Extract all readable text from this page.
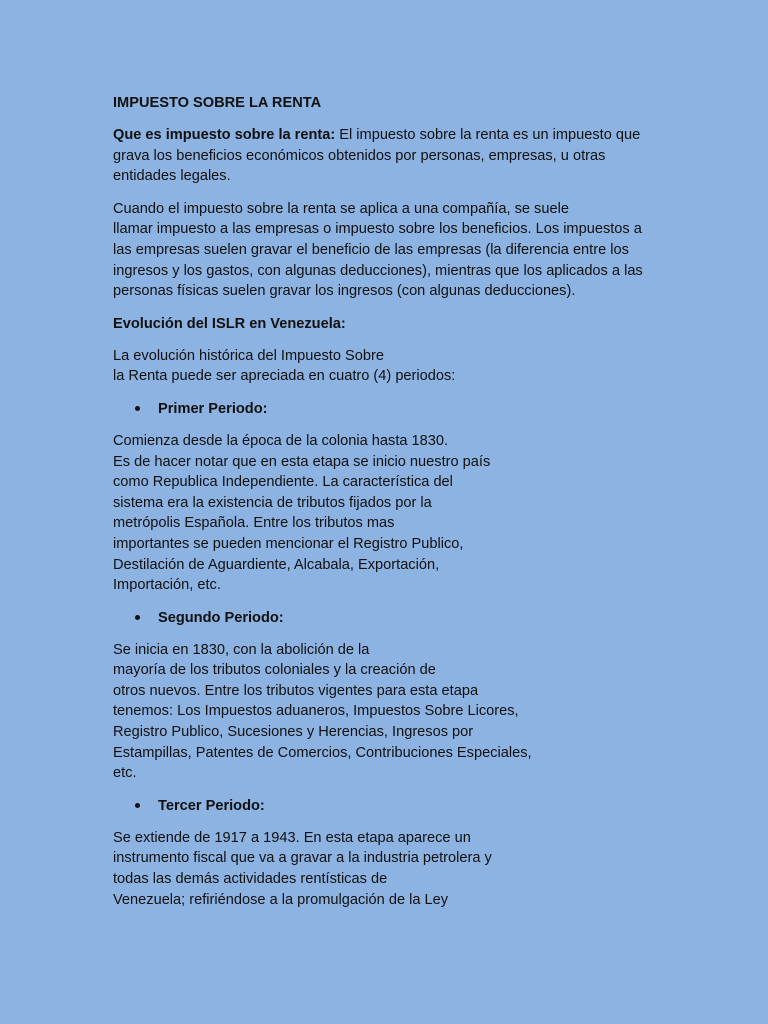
IMPUESTO SOBRE LA RENTA
Que es impuesto sobre la renta: El impuesto sobre la renta es un impuesto que
grava los beneficios económicos obtenidos por personas, empresas, u otras
entidades legales.
Cuando el impuesto sobre la renta se aplica a una compañía, se suele
llamar impuesto a las empresas o impuesto sobre los beneficios. Los impuestos a
las empresas suelen gravar el beneficio de las empresas (la diferencia entre los
ingresos y los gastos, con algunas deducciones), mientras que los aplicados a las
personas físicas suelen gravar los ingresos (con algunas deducciones).
Evolución del ISLR en Venezuela:
La evolución histórica del Impuesto Sobre
la Renta puede ser apreciada en cuatro (4) periodos:
Primer Periodo:
Comienza desde la época de la colonia hasta 1830.
Es de hacer notar que en esta etapa se inicio nuestro país
como Republica Independiente. La característica del
sistema era la existencia de tributos fijados por la
metrópolis Española. Entre los tributos mas
importantes se pueden mencionar el Registro Publico,
Destilación de Aguardiente, Alcabala, Exportación,
Importación, etc.
Segundo Periodo:
Se inicia en 1830, con la abolición de la
mayoría de los tributos coloniales y la creación de
otros nuevos. Entre los tributos vigentes para esta etapa
tenemos: Los Impuestos aduaneros, Impuestos Sobre Licores,
Registro Publico, Sucesiones y Herencias, Ingresos por
Estampillas, Patentes de Comercios, Contribuciones Especiales,
etc.
Tercer Periodo:
Se extiende de 1917 a 1943. En esta etapa aparece un
instrumento fiscal que va a gravar a la industria petrolera y
todas las demás actividades rentísticas de
Venezuela; refiriéndose a la promulgación de la Ley
